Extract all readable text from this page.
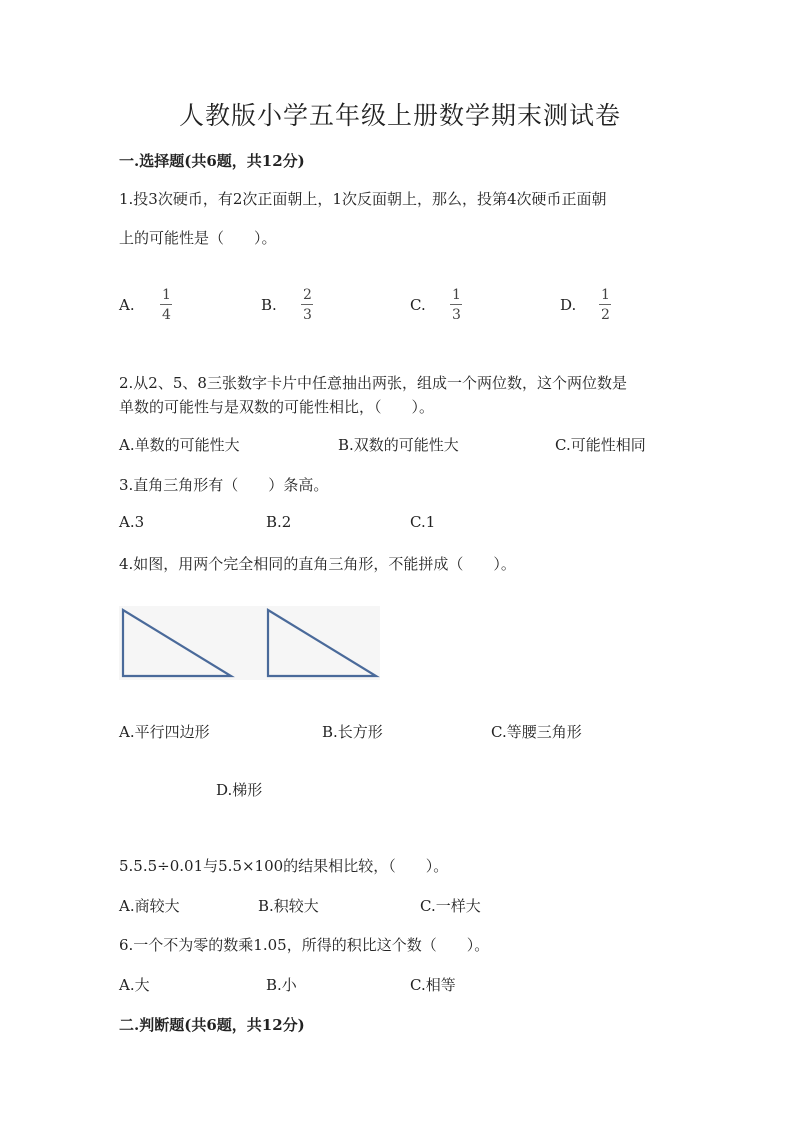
人教版小学五年级上册数学期末测试卷
一.选择题(共6题，共12分)
1.投3次硬币，有2次正面朝上，1次反面朝上，那么，投第4次硬币正面朝
上的可能性是（　　）。
A.
1
4
B.
2
3
C.
1
3
D.
1
2
2.从2、5、8三张数字卡片中任意抽出两张，组成一个两位数，这个两位数是
单数的可能性与是双数的可能性相比，（　　）。
A.单数的可能性大	B.双数的可能性大	C.可能性相同
3.直角三角形有（　　）条高。
A.3	B.2	C.1
4.如图，用两个完全相同的直角三角形，不能拼成（　　）。
A.平行四边形	B.长方形	C.等腰三角形
D.梯形
5.5.5÷0.01与5.5×100的结果相比较，（　　）。
A.商较大	B.积较大	C.一样大
6.一个不为零的数乘1.05，所得的积比这个数（　　）。
A.大	B.小	C.相等
二.判断题(共6题，共12分)
